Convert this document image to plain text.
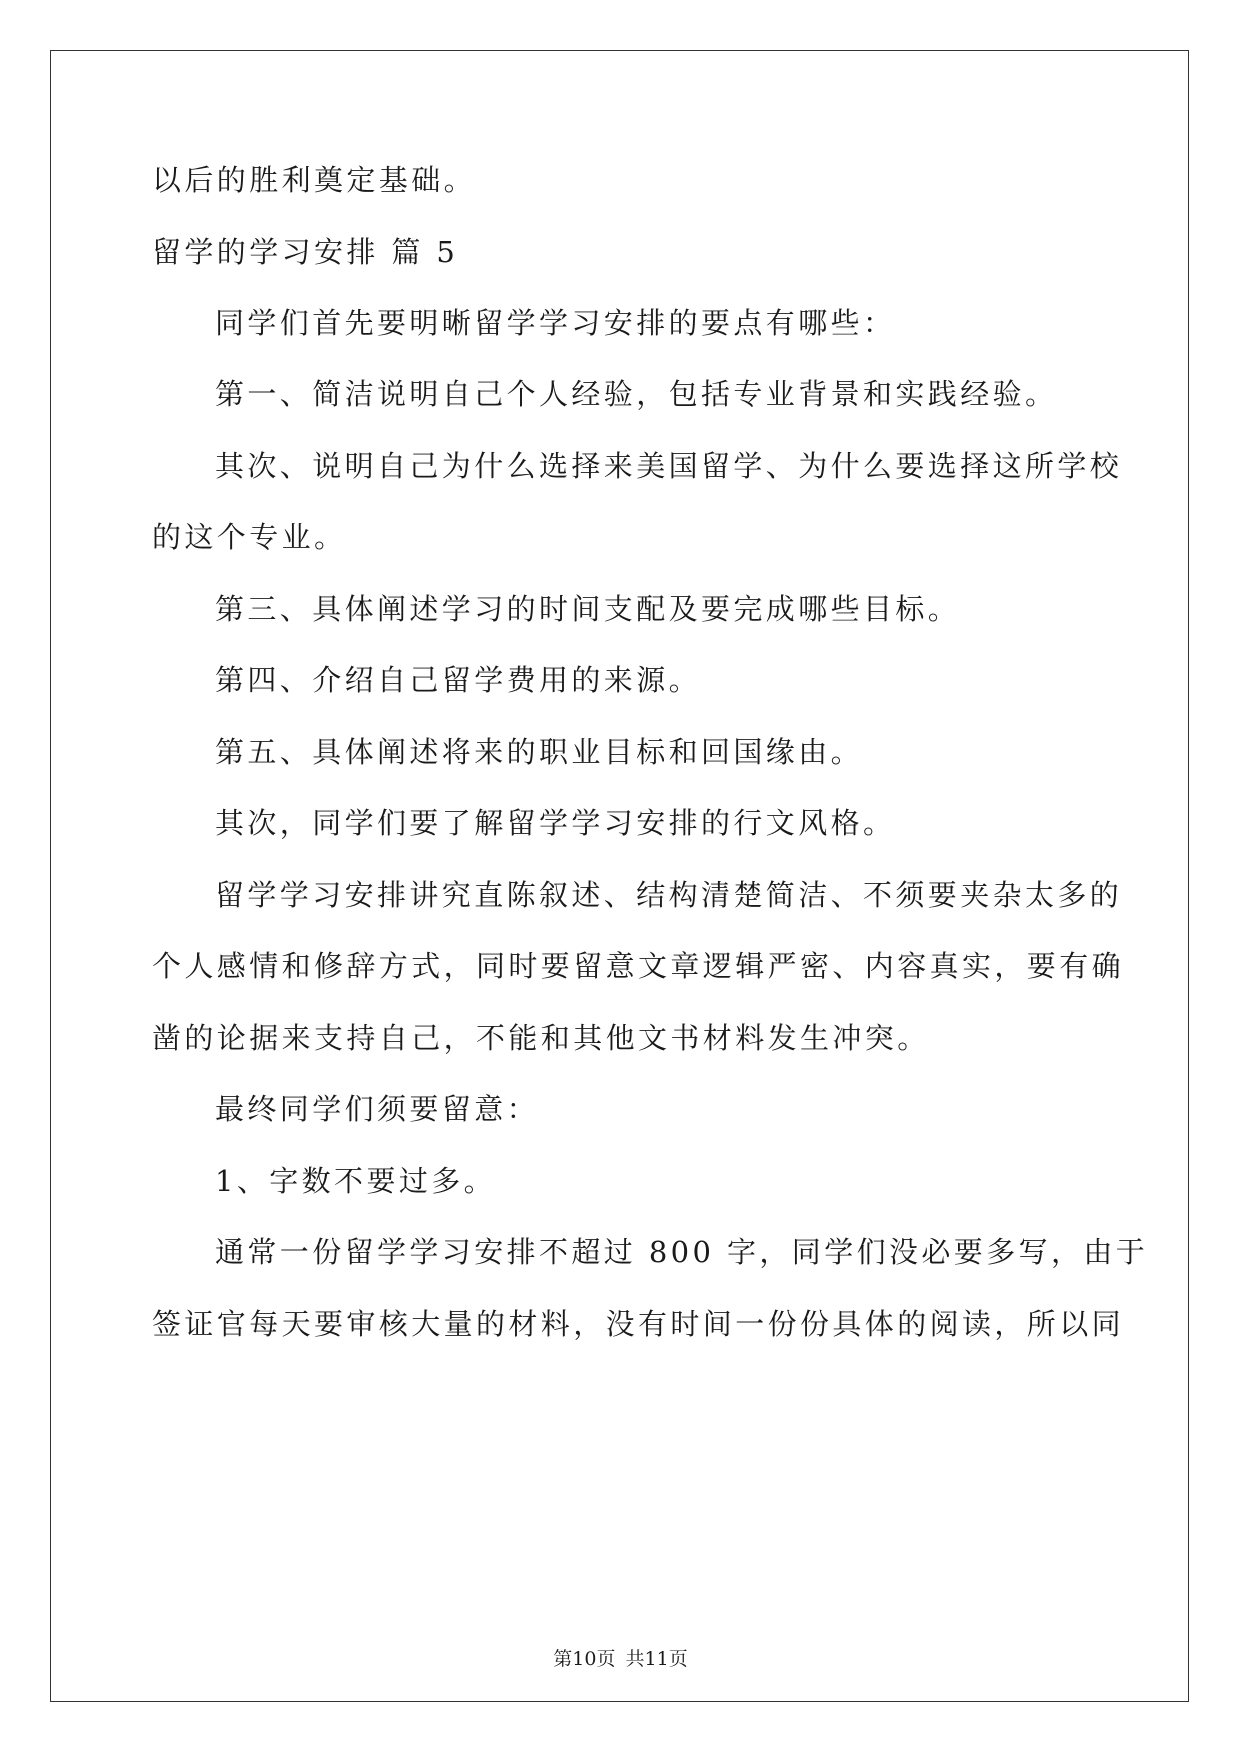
以后的胜利奠定基础。
留学的学习安排 篇 5
同学们首先要明晰留学学习安排的要点有哪些：
第一、简洁说明自己个人经验，包括专业背景和实践经验。
其次、说明自己为什么选择来美国留学、为什么要选择这所学校
的这个专业。
第三、具体阐述学习的时间支配及要完成哪些目标。
第四、介绍自己留学费用的来源。
第五、具体阐述将来的职业目标和回国缘由。
其次，同学们要了解留学学习安排的行文风格。
留学学习安排讲究直陈叙述、结构清楚简洁、不须要夹杂太多的
个人感情和修辞方式，同时要留意文章逻辑严密、内容真实，要有确
凿的论据来支持自己，不能和其他文书材料发生冲突。
最终同学们须要留意：
1、字数不要过多。
通常一份留学学习安排不超过 800 字，同学们没必要多写，由于
签证官每天要审核大量的材料，没有时间一份份具体的阅读，所以同
第10页 共11页
